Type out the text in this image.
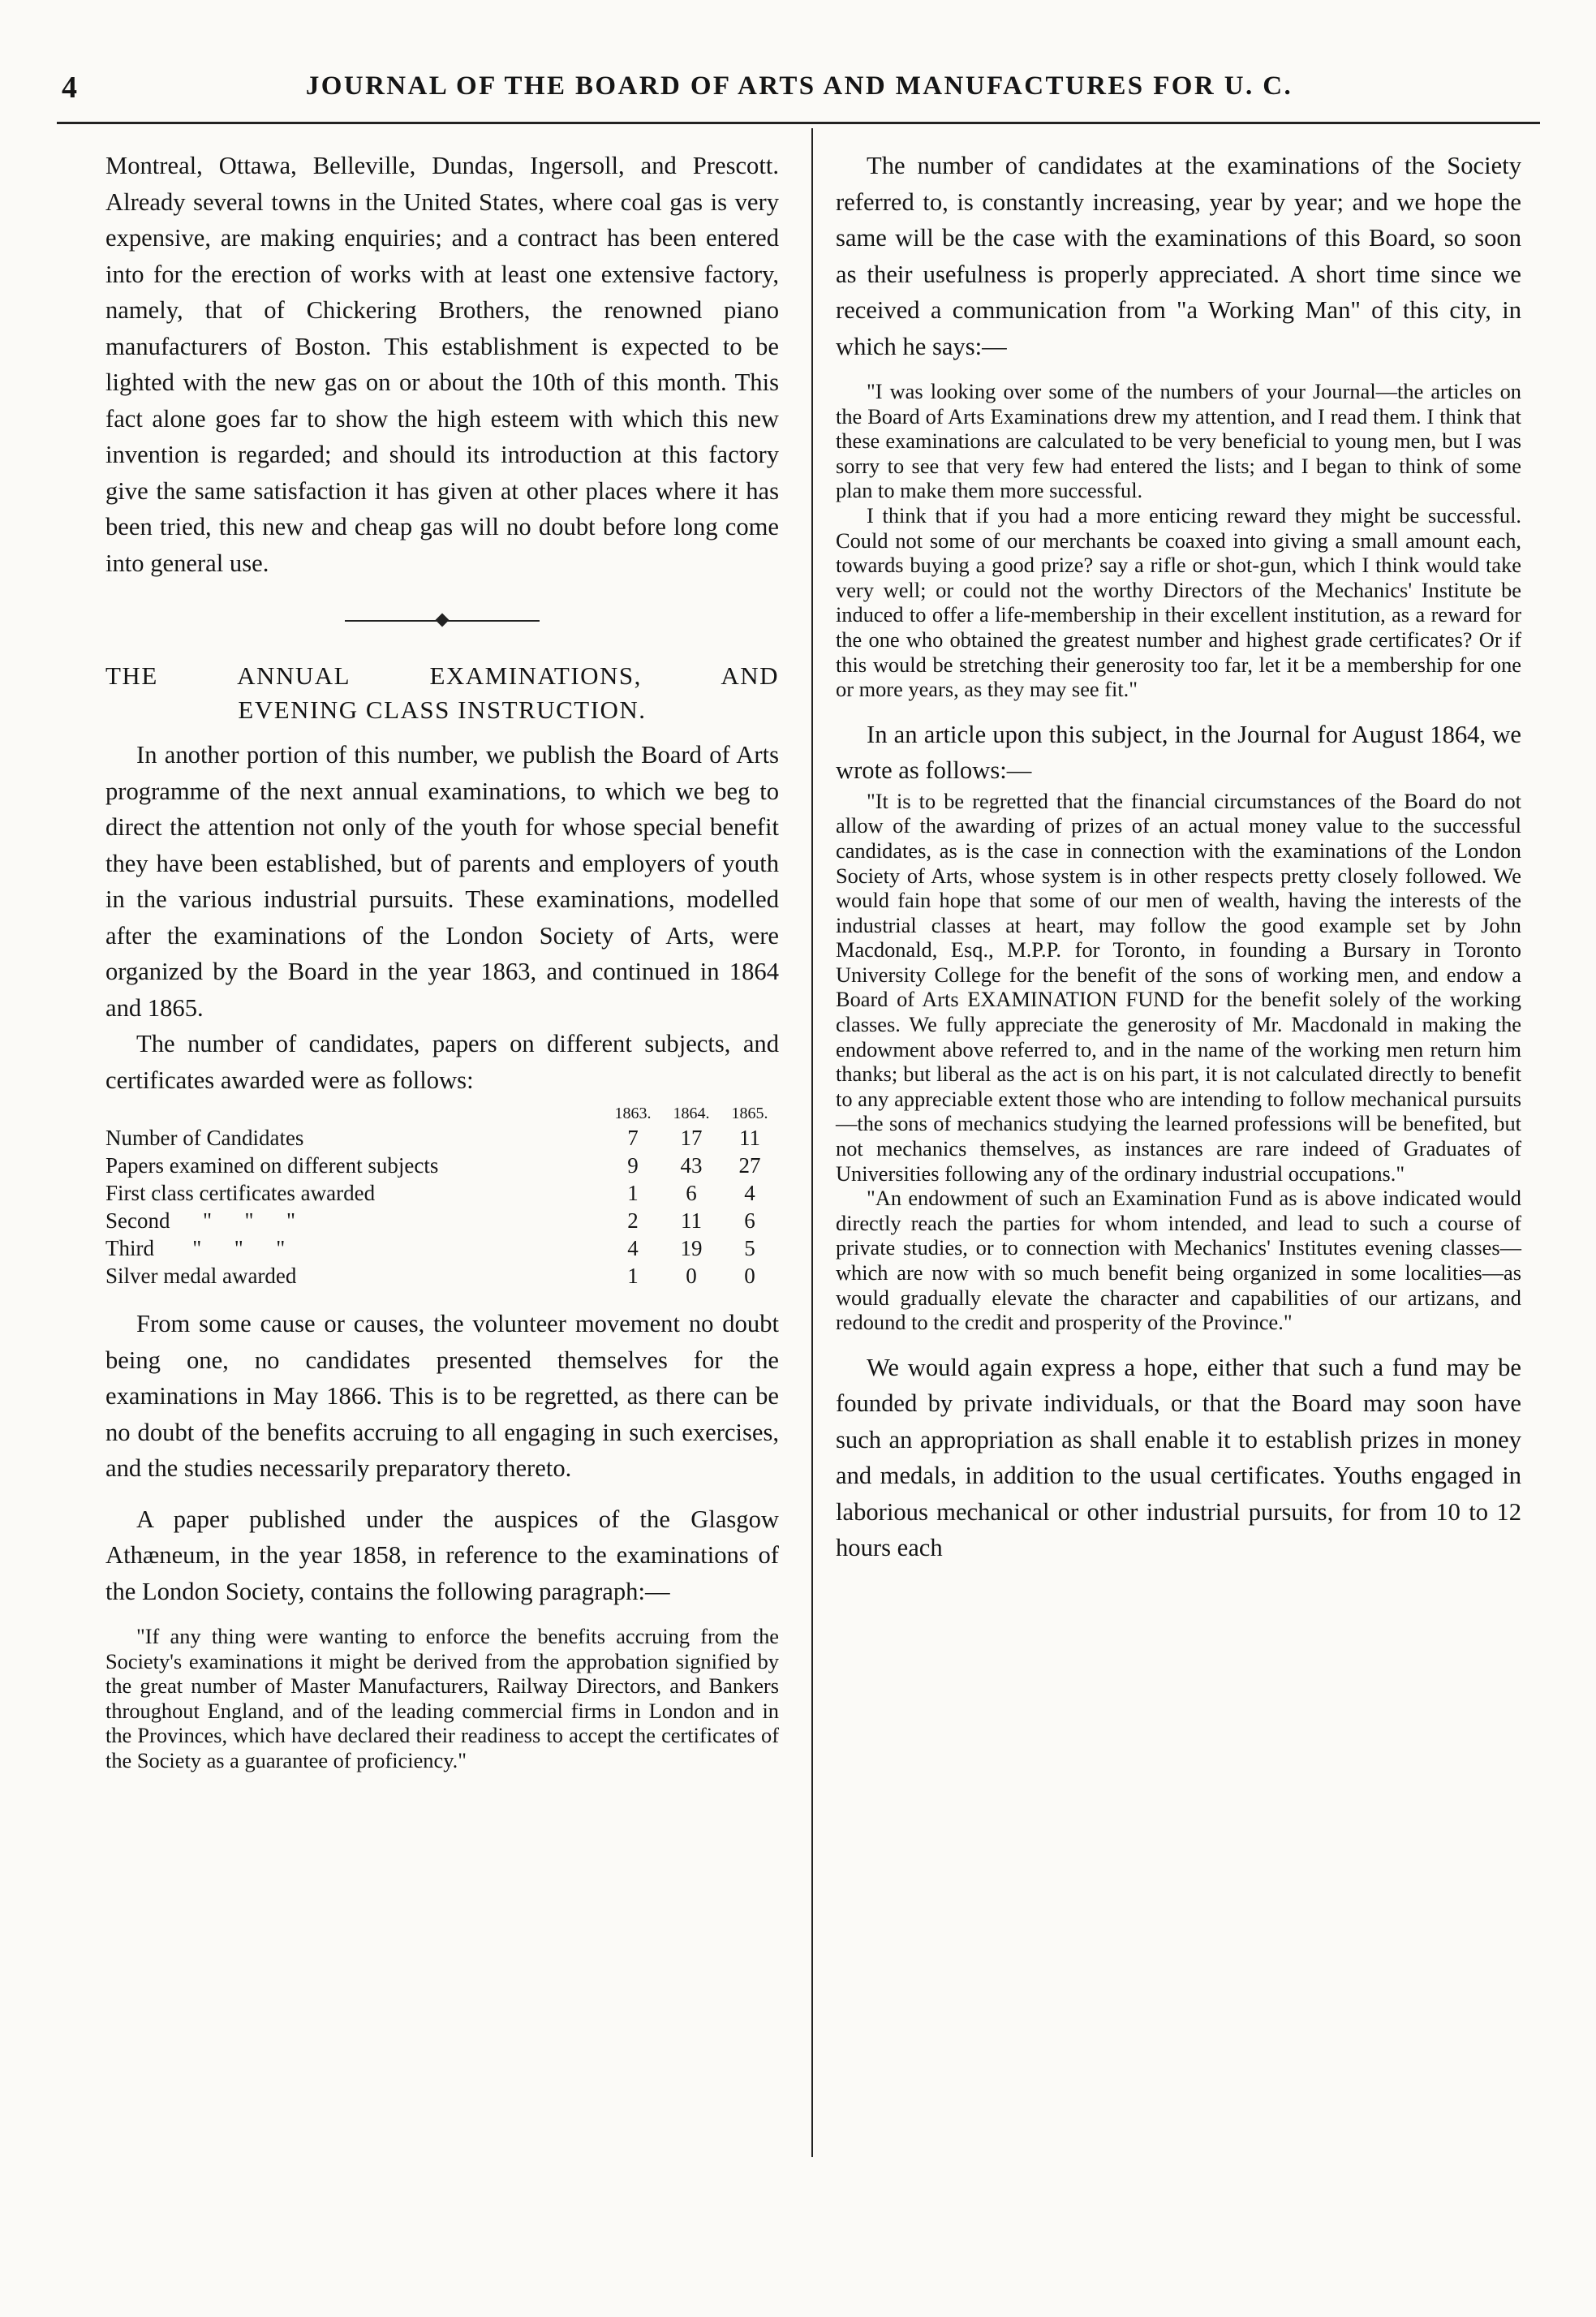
4	JOURNAL OF THE BOARD OF ARTS AND MANUFACTURES FOR U. C.

Montreal, Ottawa, Belleville, Dundas, Ingersoll, and Prescott. Already several towns in the United States, where coal gas is very expensive, are making enquiries; and a contract has been entered into for the erection of works with at least one extensive factory, namely, that of Chickering Brothers, the renowned piano manufacturers of Boston. This establishment is expected to be lighted with the new gas on or about the 10th of this month. This fact alone goes far to show the high esteem with which this new invention is regarded; and should its introduction at this factory give the same satisfaction it has given at other places where it has been tried, this new and cheap gas will no doubt before long come into general use.

THE	ANNUAL	EXAMINATIONS,	AND
EVENING CLASS INSTRUCTION.

In another portion of this number, we publish the Board of Arts programme of the next annual examinations, to which we beg to direct the attention not only of the youth for whose special benefit they have been established, but of parents and employers of youth in the various industrial pursuits. These examinations, modelled after the examinations of the London Society of Arts, were organized by the Board in the year 1863, and continued in 1864 and 1865.

The number of candidates, papers on different subjects, and certificates awarded were as follows:

	1863.	1864.	1865.
Number of Candidates	7	17	11
Papers examined on different subjects	9	43	27
First class certificates awarded	1	6	4
Second      "      "      "	2	11	6
Third       "      "      "	4	19	5
Silver medal awarded	1	0	0

From some cause or causes, the volunteer movement no doubt being one, no candidates presented themselves for the examinations in May 1866. This is to be regretted, as there can be no doubt of the benefits accruing to all engaging in such exercises, and the studies necessarily preparatory thereto.

A paper published under the auspices of the Glasgow Athæneum, in the year 1858, in reference to the examinations of the London Society, contains the following paragraph:—

"If any thing were wanting to enforce the benefits accruing from the Society's examinations it might be derived from the approbation signified by the great number of Master Manufacturers, Railway Directors, and Bankers throughout England, and of the leading commercial firms in London and in the Provinces, which have declared their readiness to accept the certificates of the Society as a guarantee of proficiency."

The number of candidates at the examinations of the Society referred to, is constantly increasing, year by year; and we hope the same will be the case with the examinations of this Board, so soon as their usefulness is properly appreciated. A short time since we received a communication from "a Working Man" of this city, in which he says:—

"I was looking over some of the numbers of your Journal—the articles on the Board of Arts Examinations drew my attention, and I read them. I think that these examinations are calculated to be very beneficial to young men, but I was sorry to see that very few had entered the lists; and I began to think of some plan to make them more successful.

I think that if you had a more enticing reward they might be successful. Could not some of our merchants be coaxed into giving a small amount each, towards buying a good prize? say a rifle or shot-gun, which I think would take very well; or could not the worthy Directors of the Mechanics' Institute be induced to offer a life-membership in their excellent institution, as a reward for the one who obtained the greatest number and highest grade certificates? Or if this would be stretching their generosity too far, let it be a membership for one or more years, as they may see fit."

In an article upon this subject, in the Journal for August 1864, we wrote as follows:—

"It is to be regretted that the financial circumstances of the Board do not allow of the awarding of prizes of an actual money value to the successful candidates, as is the case in connection with the examinations of the London Society of Arts, whose system is in other respects pretty closely followed. We would fain hope that some of our men of wealth, having the interests of the industrial classes at heart, may follow the good example set by John Macdonald, Esq., M.P.P. for Toronto, in founding a Bursary in Toronto University College for the benefit of the sons of working men, and endow a Board of Arts EXAMINATION FUND for the benefit solely of the working classes. We fully appreciate the generosity of Mr. Macdonald in making the endowment above referred to, and in the name of the working men return him thanks; but liberal as the act is on his part, it is not calculated directly to benefit to any appreciable extent those who are intending to follow mechanical pursuits—the sons of mechanics studying the learned professions will be benefited, but not mechanics themselves, as instances are rare indeed of Graduates of Universities following any of the ordinary industrial occupations."

"An endowment of such an Examination Fund as is above indicated would directly reach the parties for whom intended, and lead to such a course of private studies, or to connection with Mechanics' Institutes evening classes—which are now with so much benefit being organized in some localities—as would gradually elevate the character and capabilities of our artizans, and redound to the credit and prosperity of the Province."

We would again express a hope, either that such a fund may be founded by private individuals, or that the Board may soon have such an appropriation as shall enable it to establish prizes in money and medals, in addition to the usual certificates. Youths engaged in laborious mechanical or other industrial pursuits, for from 10 to 12 hours each
